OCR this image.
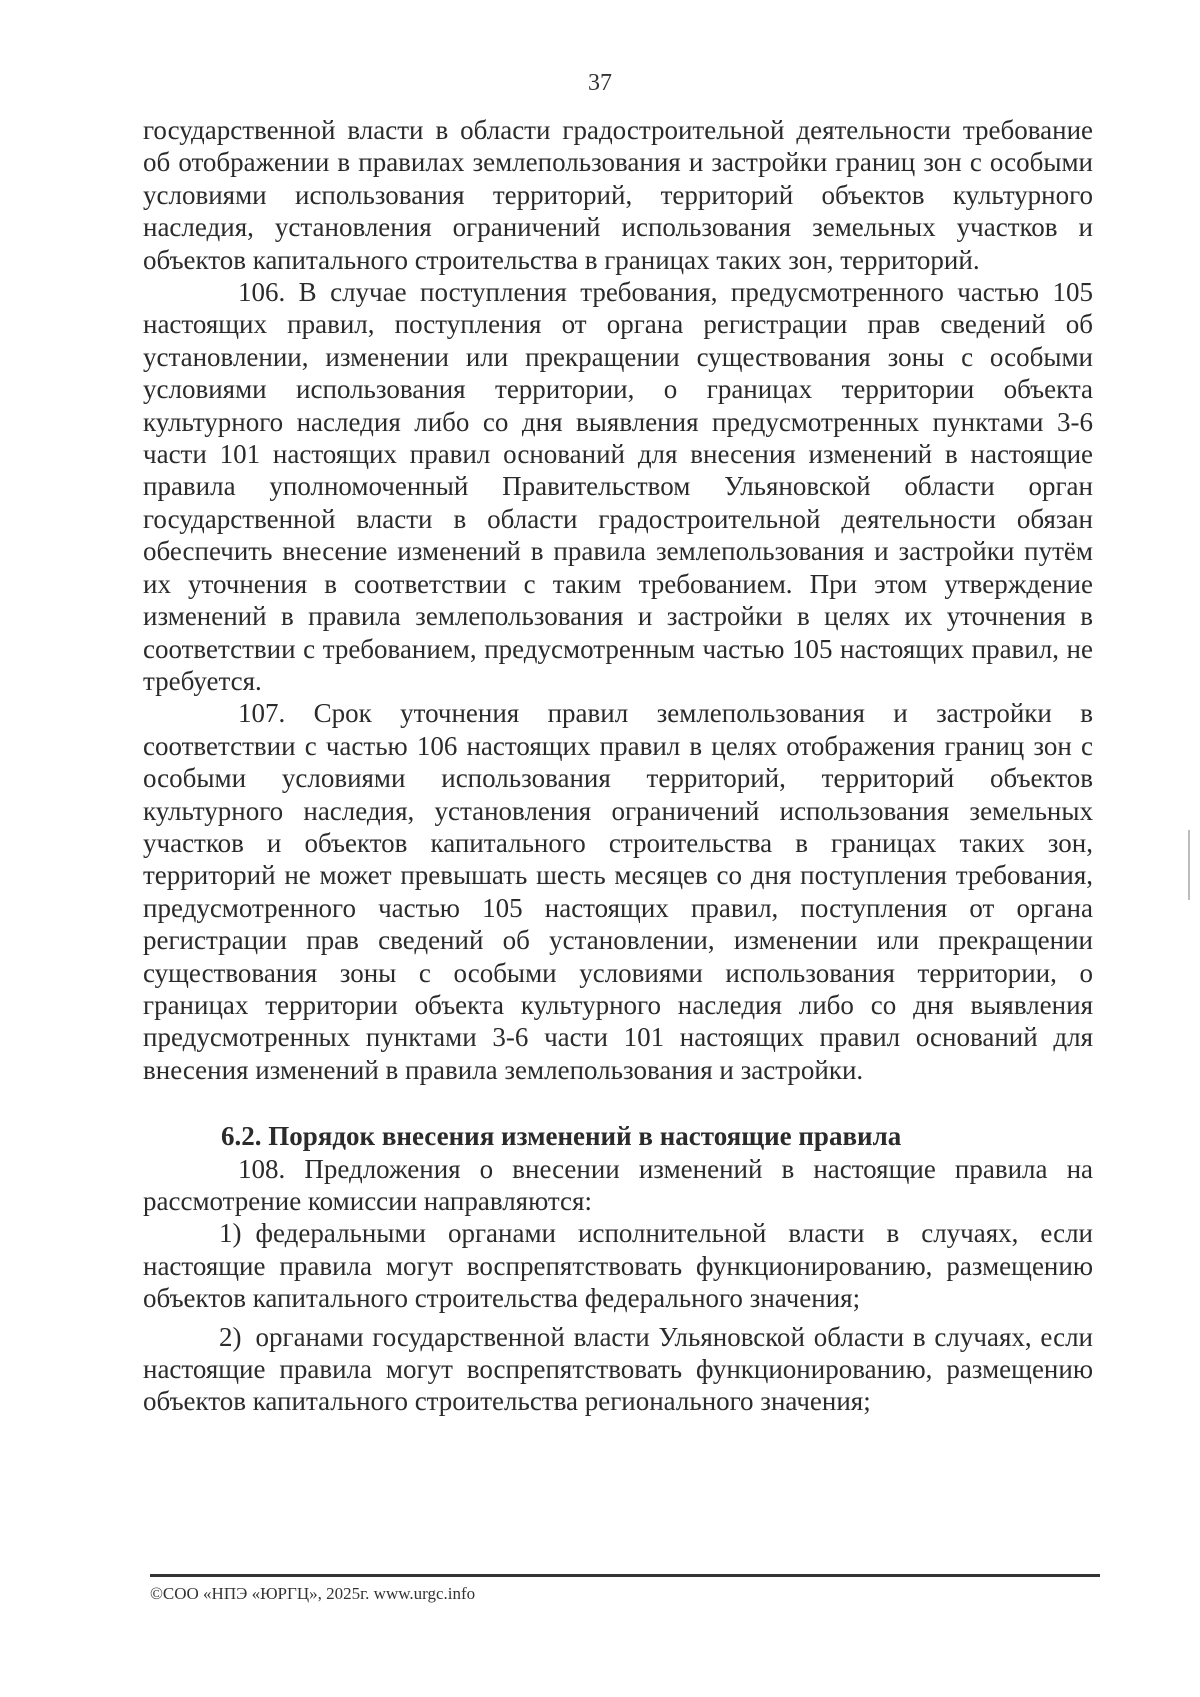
37

государственной власти в области градостроительной деятельности требование об отображении в правилах землепользования и застройки границ зон с особыми условиями использования территорий, территорий объектов культурного наследия, установления ограничений использования земельных участков и объектов капитального строительства в границах таких зон, территорий.

106. В случае поступления требования, предусмотренного частью 105 настоящих правил, поступления от органа регистрации прав сведений об установлении, изменении или прекращении существования зоны с особыми условиями использования территории, о границах территории объекта культурного наследия либо со дня выявления предусмотренных пунктами 3-6 части 101 настоящих правил оснований для внесения изменений в настоящие правила уполномоченный Правительством Ульяновской области орган государственной власти в области градостроительной деятельности обязан обеспечить внесение изменений в правила землепользования и застройки путём их уточнения в соответствии с таким требованием. При этом утверждение изменений в правила землепользования и застройки в целях их уточнения в соответствии с требованием, предусмотренным частью 105 настоящих правил, не требуется.

107. Срок уточнения правил землепользования и застройки в соответствии с частью 106 настоящих правил в целях отображения границ зон с особыми условиями использования территорий, территорий объектов культурного наследия, установления ограничений использования земельных участков и объектов капитального строительства в границах таких зон, территорий не может превышать шесть месяцев со дня поступления требования, предусмотренного частью 105 настоящих правил, поступления от органа регистрации прав сведений об установлении, изменении или прекращении существования зоны с особыми условиями использования территории, о границах территории объекта культурного наследия либо со дня выявления предусмотренных пунктами 3-6 части 101 настоящих правил оснований для внесения изменений в правила землепользования и застройки.

6.2. Порядок внесения изменений в настоящие правила

108. Предложения о внесении изменений в настоящие правила на рассмотрение комиссии направляются:

1) федеральными органами исполнительной власти в случаях, если настоящие правила могут воспрепятствовать функционированию, размещению объектов капитального строительства федерального значения;

2) органами государственной власти Ульяновской области в случаях, если настоящие правила могут воспрепятствовать функционированию, размещению объектов капитального строительства регионального значения;

©СОО «НПЭ «ЮРГЦ», 2025г. www.urgc.info
